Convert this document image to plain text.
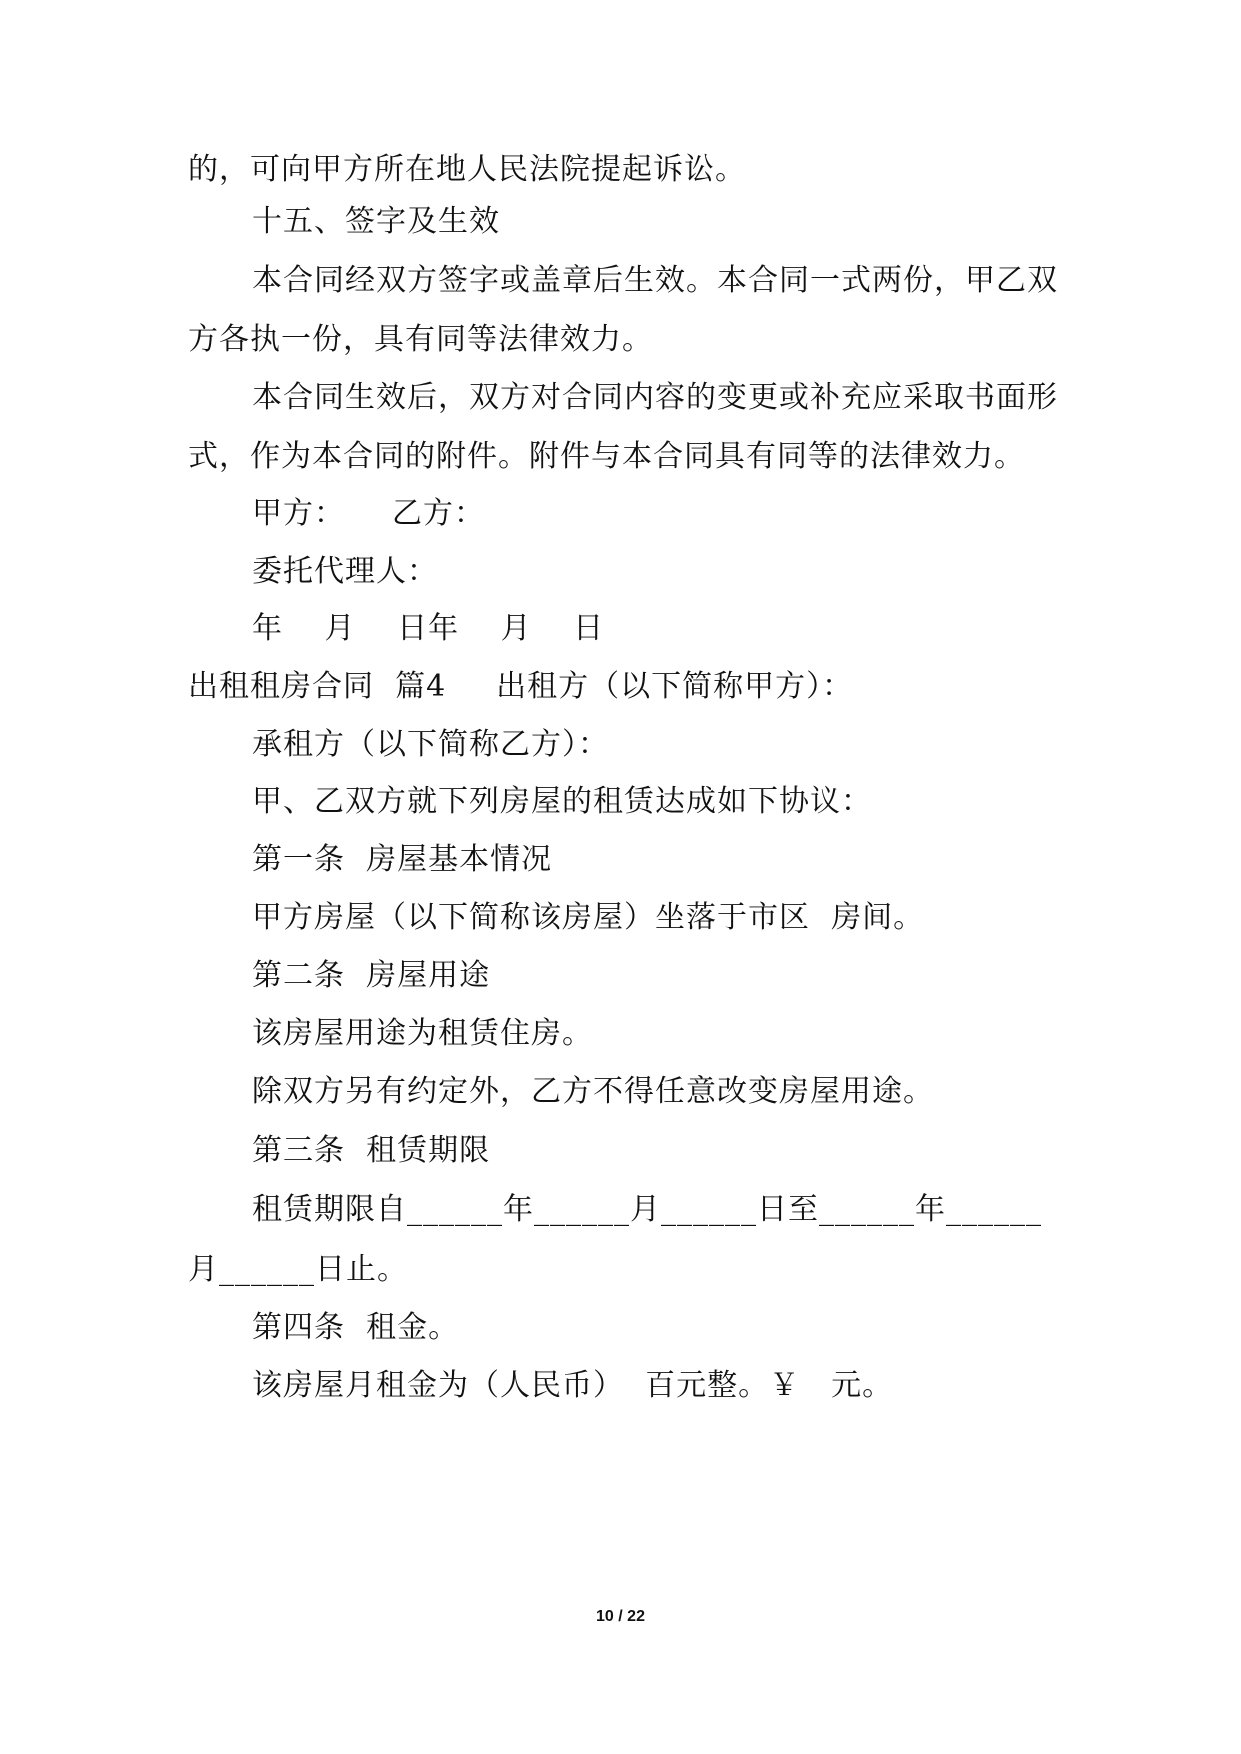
的，可向甲方所在地人民法院提起诉讼。
十五、签字及生效
本合同经双方签字或盖章后生效。本合同一式两份，甲乙双
方各执一份，具有同等法律效力。
本合同生效后，双方对合同内容的变更或补充应采取书面形
式，作为本合同的附件。附件与本合同具有同等的法律效力。
甲方：　　乙方：
委托代理人：
年　 月　 日年　 月　 日
出租租房合同  篇4 出租方（以下简称甲方）：
承租方（以下简称乙方）：
甲、乙双方就下列房屋的租赁达成如下协议：
第一条  房屋基本情况
甲方房屋（以下简称该房屋）坐落于市区  房间。
第二条  房屋用途
该房屋用途为租赁住房。
除双方另有约定外，乙方不得任意改变房屋用途。
第三条  租赁期限
租赁期限自______年______月______日至______年______
月______日止。
第四条  租金。
该房屋月租金为（人民币）  百元整。￥　元。
10 / 22
